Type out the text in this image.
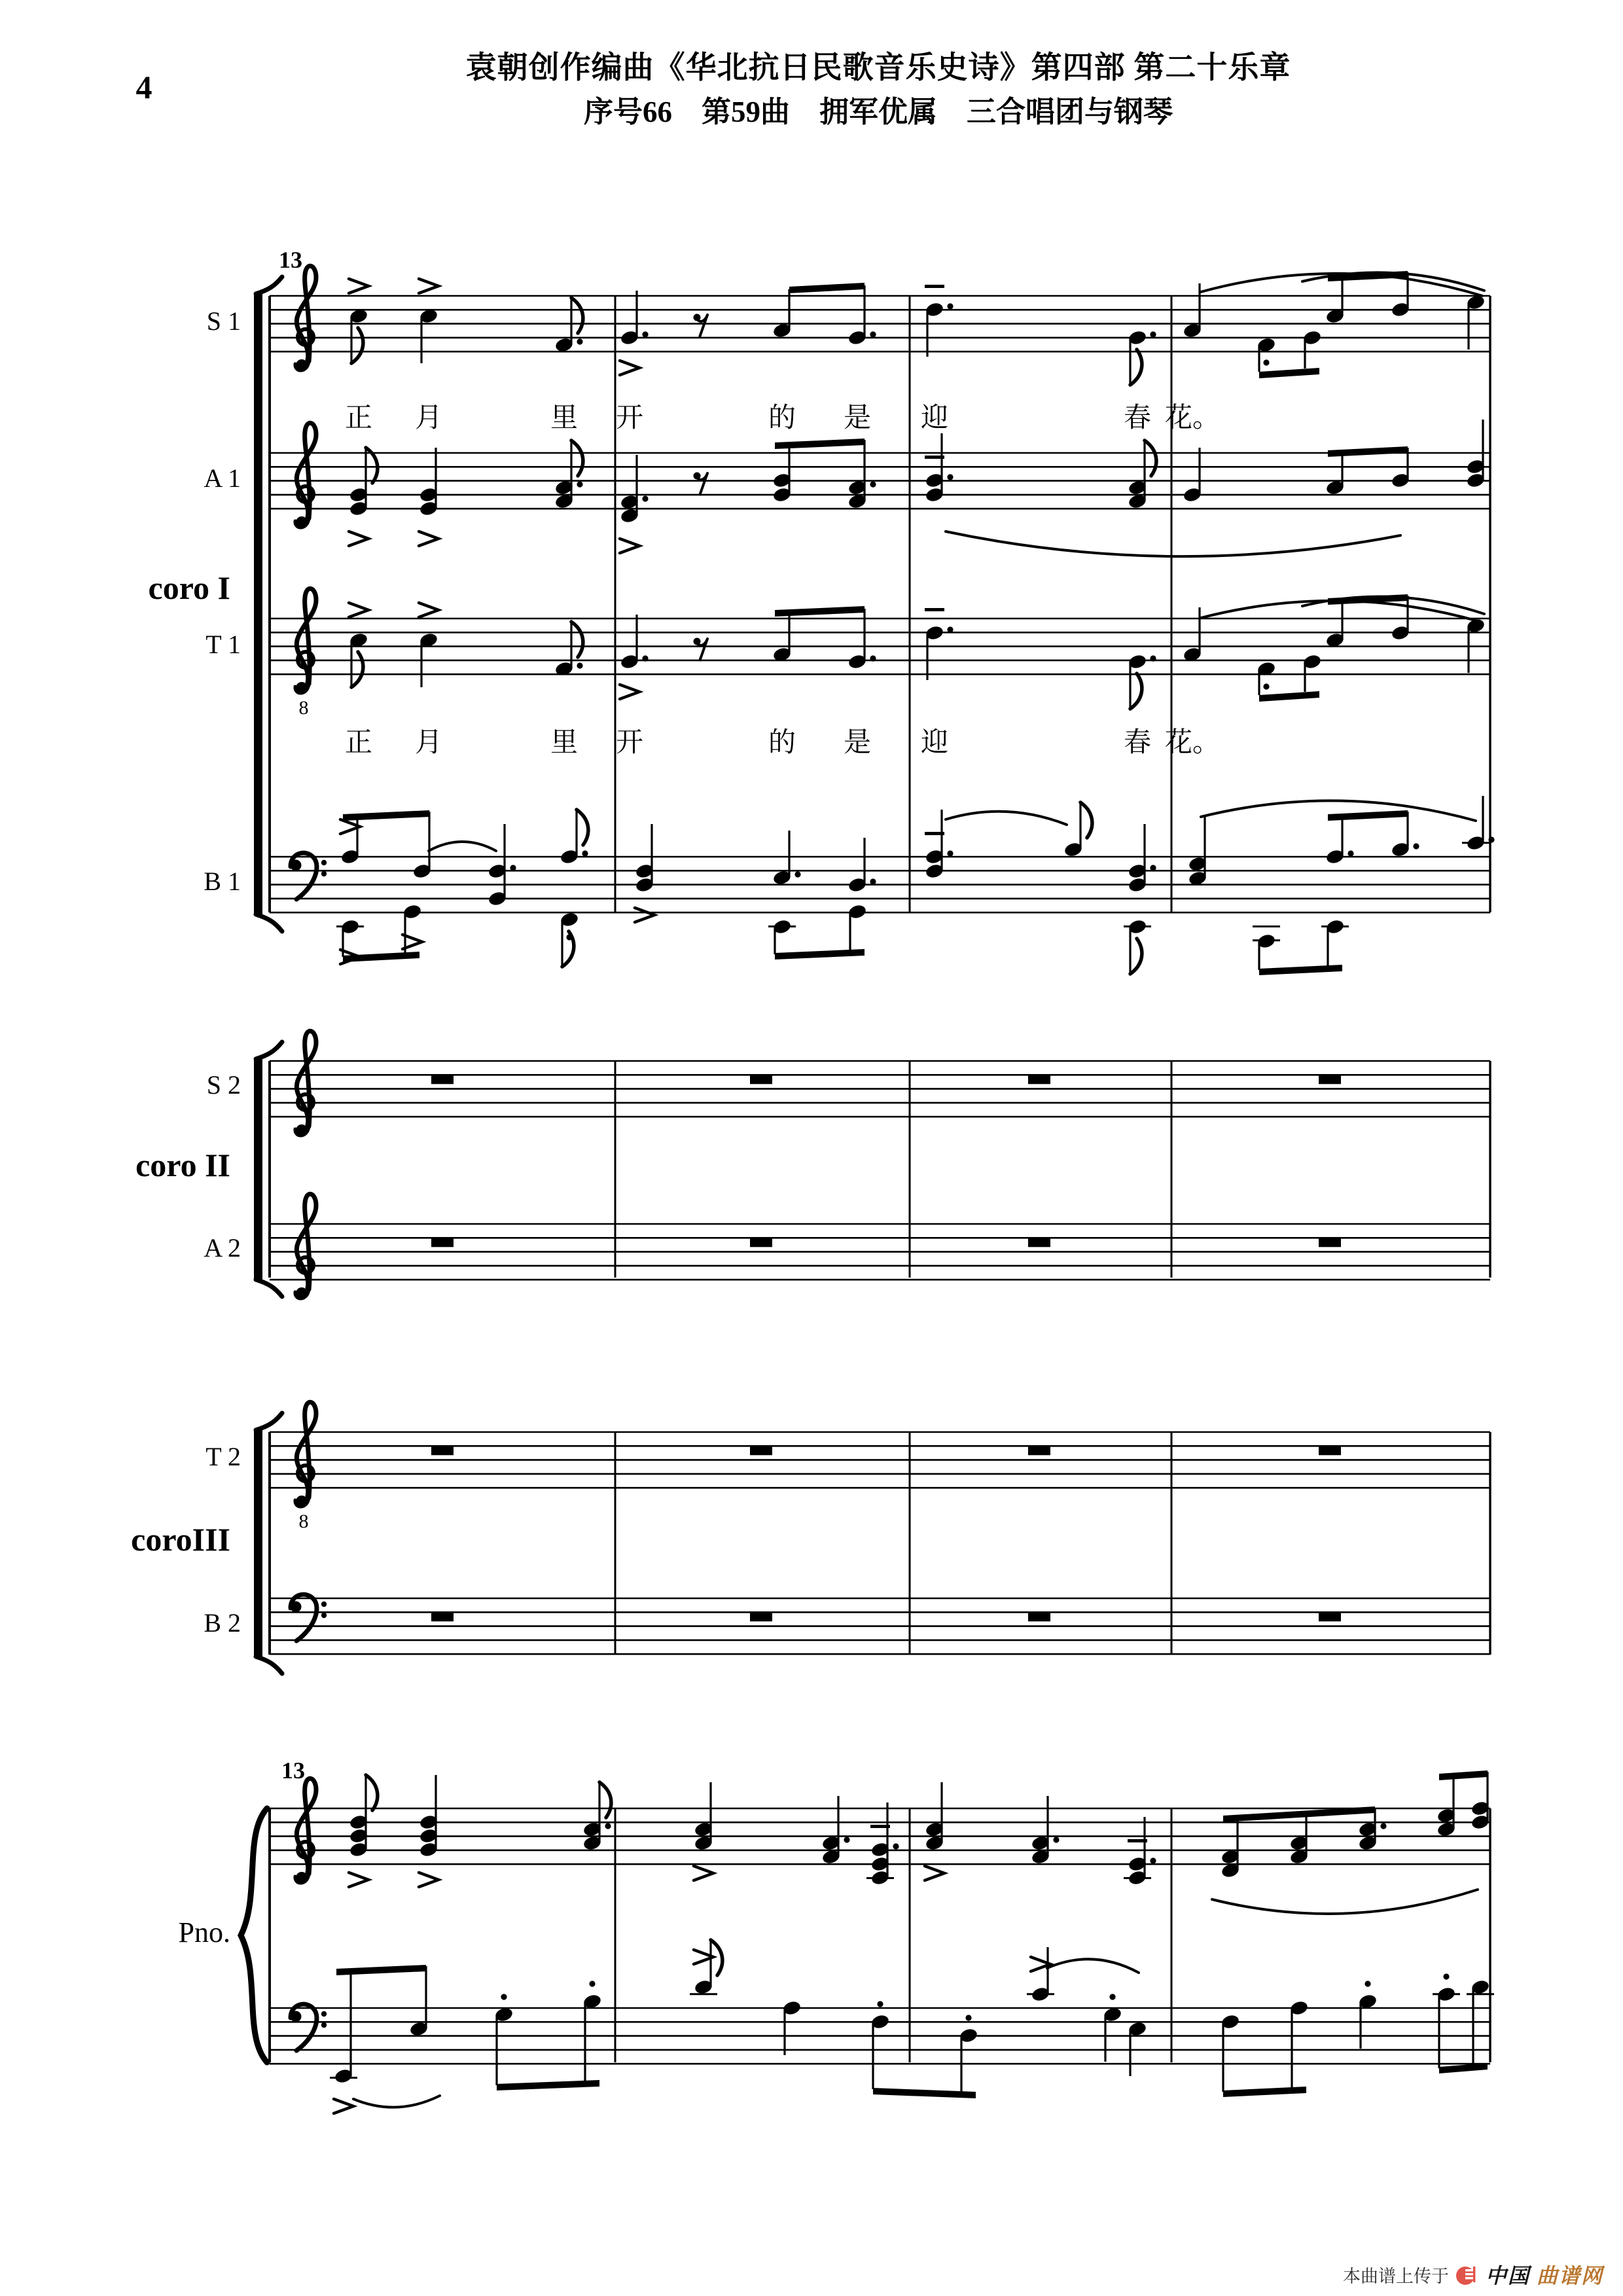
4
袁朝创作编曲《华北抗日民歌音乐史诗》第四部 第二十乐章
序号66　第59曲　拥军优属　三合唱团与钢琴
13
13
S 1
A 1
coro I
T 1
B 1
S 2
coro II
A 2
T 2
coroIII
B 2
Pno.
正 月	里 开	的 是 迎	春 花。
正 月	里 开	的 是 迎	春 花。
8
8
本曲谱上传于 中国 曲谱网
